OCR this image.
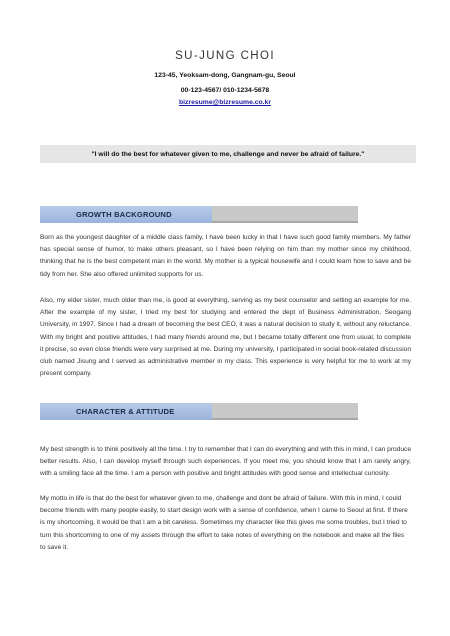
SU-JUNG CHOI
123-45, Yeoksam-dong, Gangnam-gu, Seoul
00-123-4567/ 010-1234-5678
bizresume@bizresume.co.kr
"I will do the best for whatever given to me, challenge and never be afraid of failure."
GROWTH BACKGROUND

Born as the youngest daughter of a middle class family, I have been lucky in that I have such good family members. My father has special sense of humor, to make others pleasant, so I have been relying on him than my mother since my childhood, thinking that he is the best competent man in the world. My mother is a typical housewife and I could learn how to save and be tidy from her. She also offered unlimited supports for us.

Also, my elder sister, much older than me, is good at everything, serving as my best counselor and setting an example for me. After the example of my sister, I tried my best for studying and entered the dept of Business Administration, Seogang University, in 1997. Since I had a dream of becoming the best CEO, it was a natural decision to study it, without any reluctance. With my bright and positive attitudes, I had many friends around me, but I became totally different one from usual, to complete it precise, so even close friends were very surprised at me. During my university, I participated in social book-related discussion club named Jisung and I served as administrative member in my class. This experience is very helpful for me to work at my present company.

CHARACTER & ATTITUDE

My best strength is to think positively all the time. I try to remember that I can do everything and with this in mind, I can produce better results. Also, I can develop myself through such experiences. If you meet me, you should know that I am rarely angry, with a smiling face all the time. I am a person with positive and bright attitudes with good sense and intellectual curiosity.

My motto in life is that do the best for whatever given to me, challenge and dont be afraid of failure. With this in mind, I could become friends with many people easily, to start design work with a sense of confidence, when I came to Seoul at first. If there is my shortcoming, it would be that I am a bit careless. Sometimes my character like this gives me some troubles, but I tried to turn this shortcoming to one of my assets through the effort to take notes of everything on the notebook and make all the files to save it.
